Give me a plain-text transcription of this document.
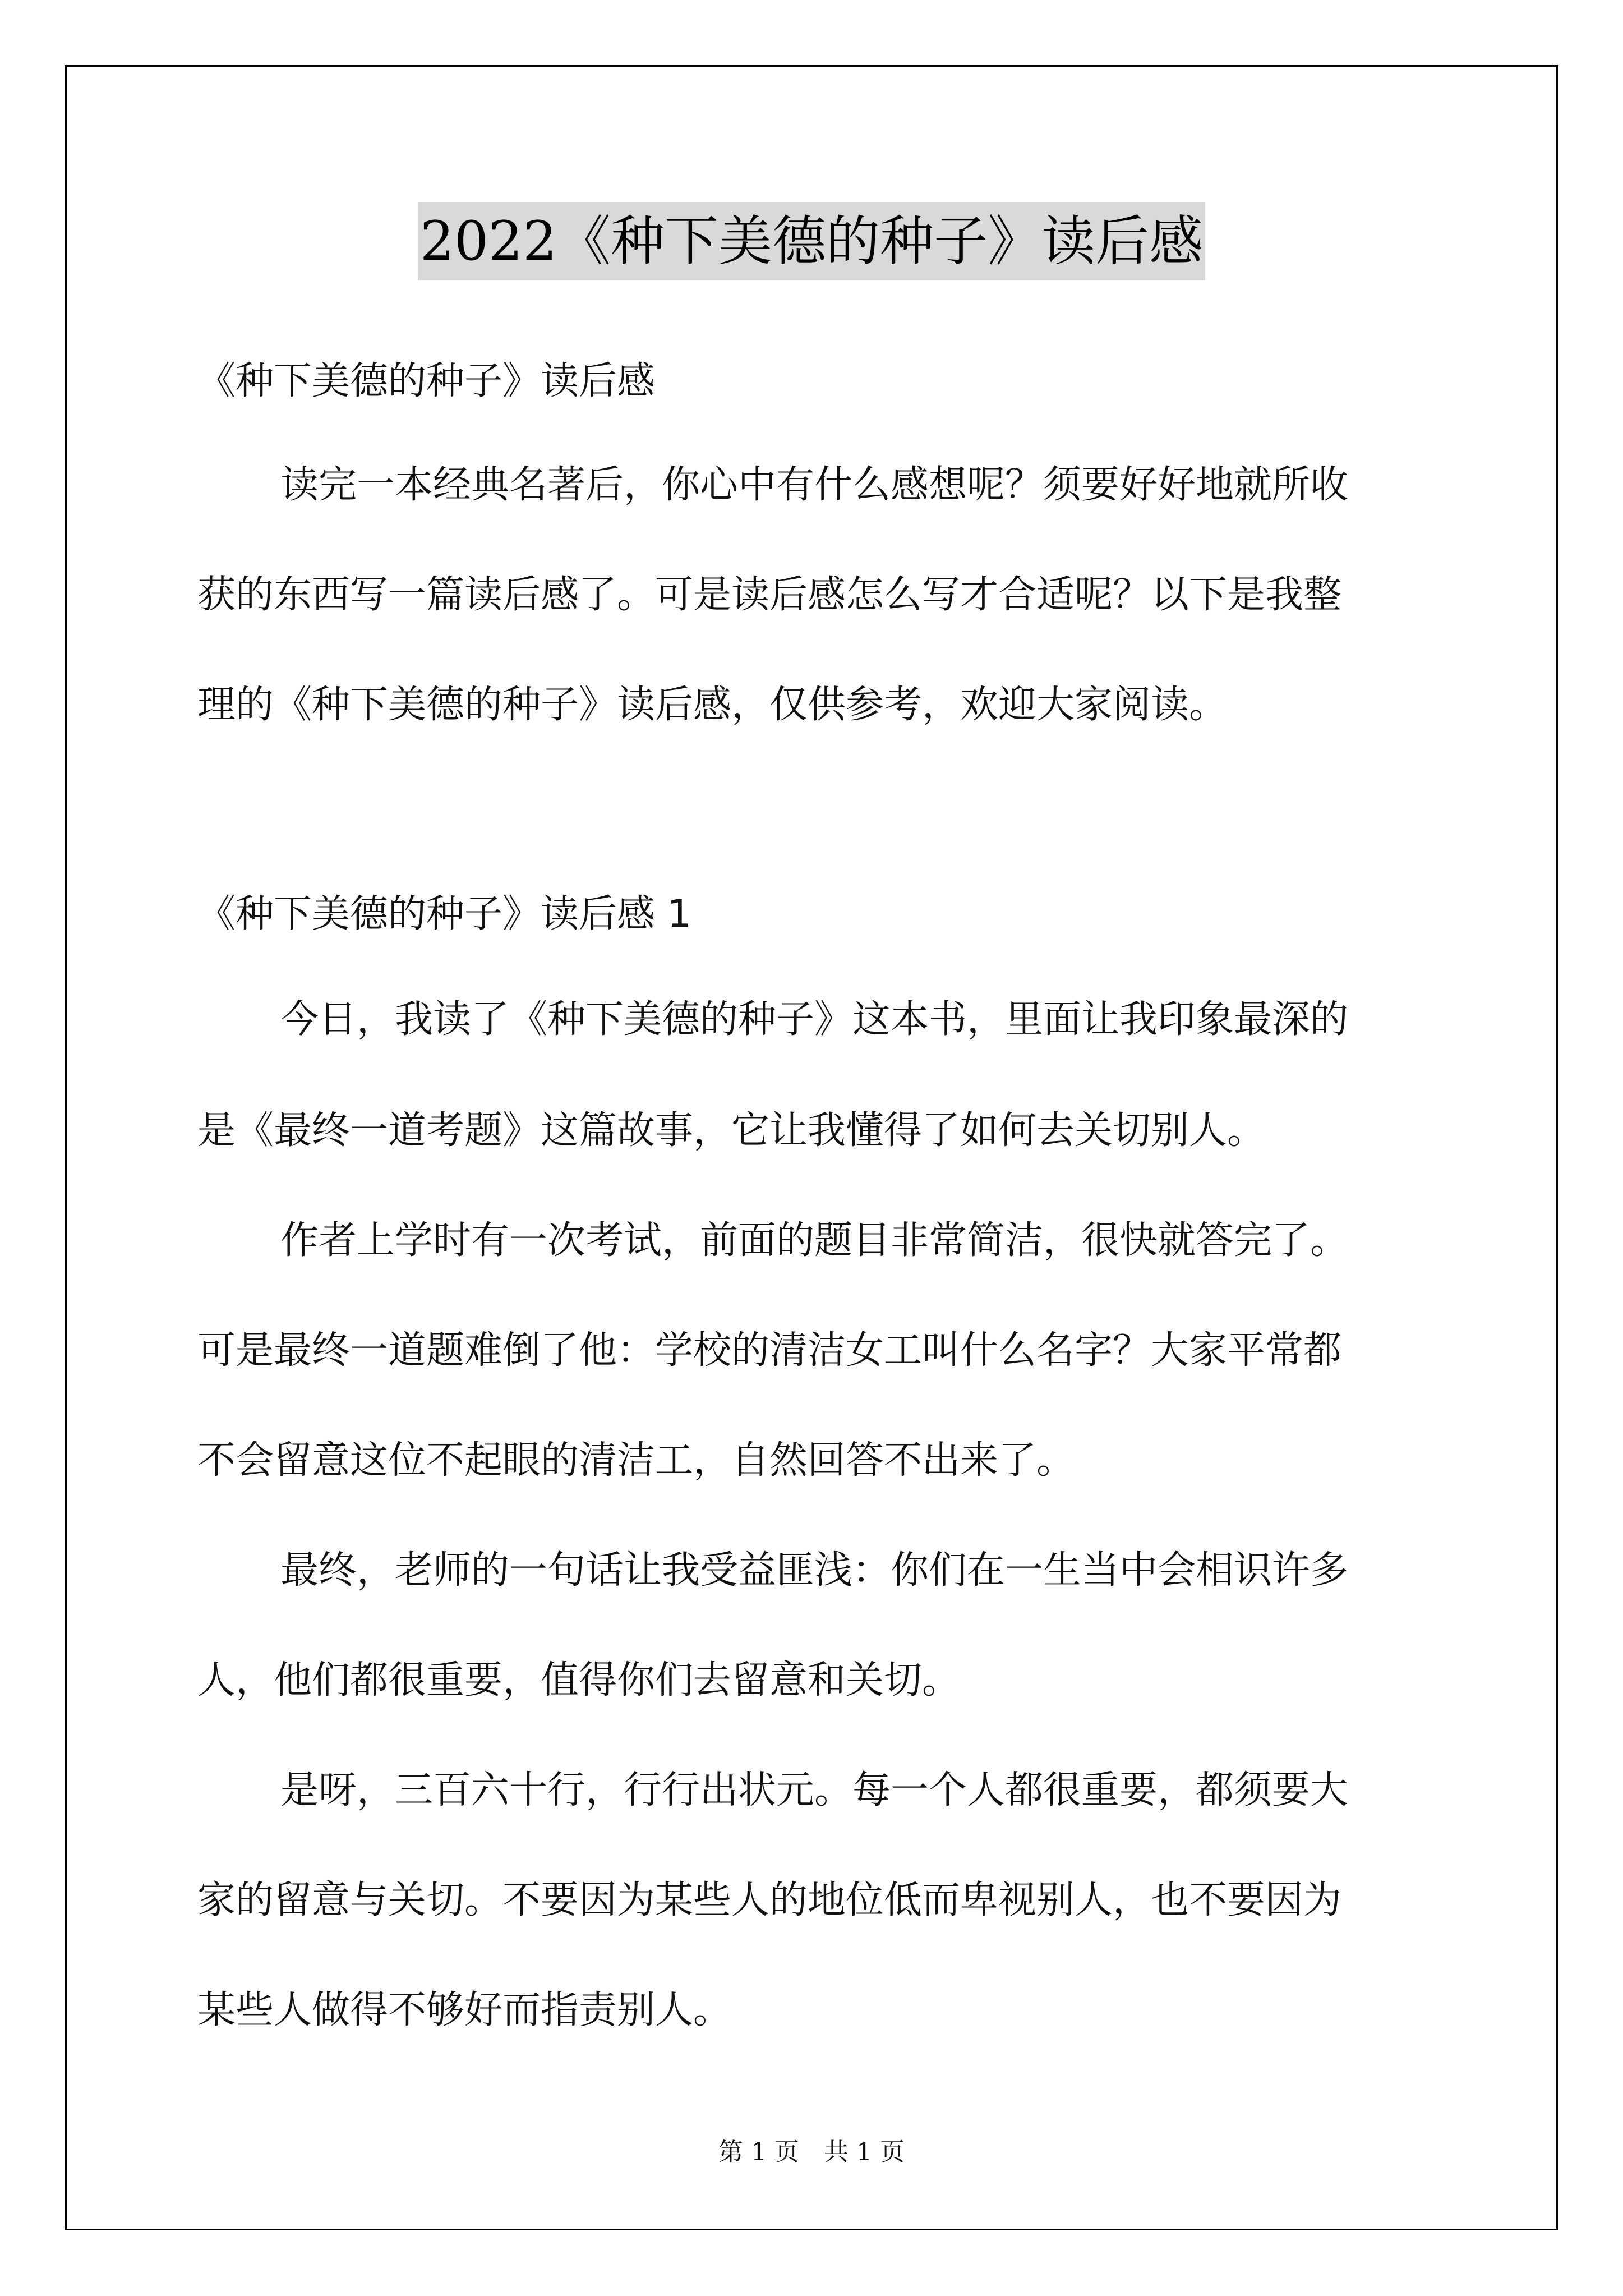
2022《种下美德的种子》读后感
《种下美德的种子》读后感
读完一本经典名著后，你心中有什么感想呢？须要好好地就所收
获的东西写一篇读后感了。可是读后感怎么写才合适呢？以下是我整
理的《种下美德的种子》读后感，仅供参考，欢迎大家阅读。
《种下美德的种子》读后感 1
今日，我读了《种下美德的种子》这本书，里面让我印象最深的
是《最终一道考题》这篇故事，它让我懂得了如何去关切别人。
作者上学时有一次考试，前面的题目非常简洁，很快就答完了。
可是最终一道题难倒了他：学校的清洁女工叫什么名字？大家平常都
不会留意这位不起眼的清洁工，自然回答不出来了。
最终，老师的一句话让我受益匪浅：你们在一生当中会相识许多
人，他们都很重要，值得你们去留意和关切。
是呀，三百六十行，行行出状元。每一个人都很重要，都须要大
家的留意与关切。不要因为某些人的地位低而卑视别人，也不要因为
某些人做得不够好而指责别人。
第 1 页　共 1 页
